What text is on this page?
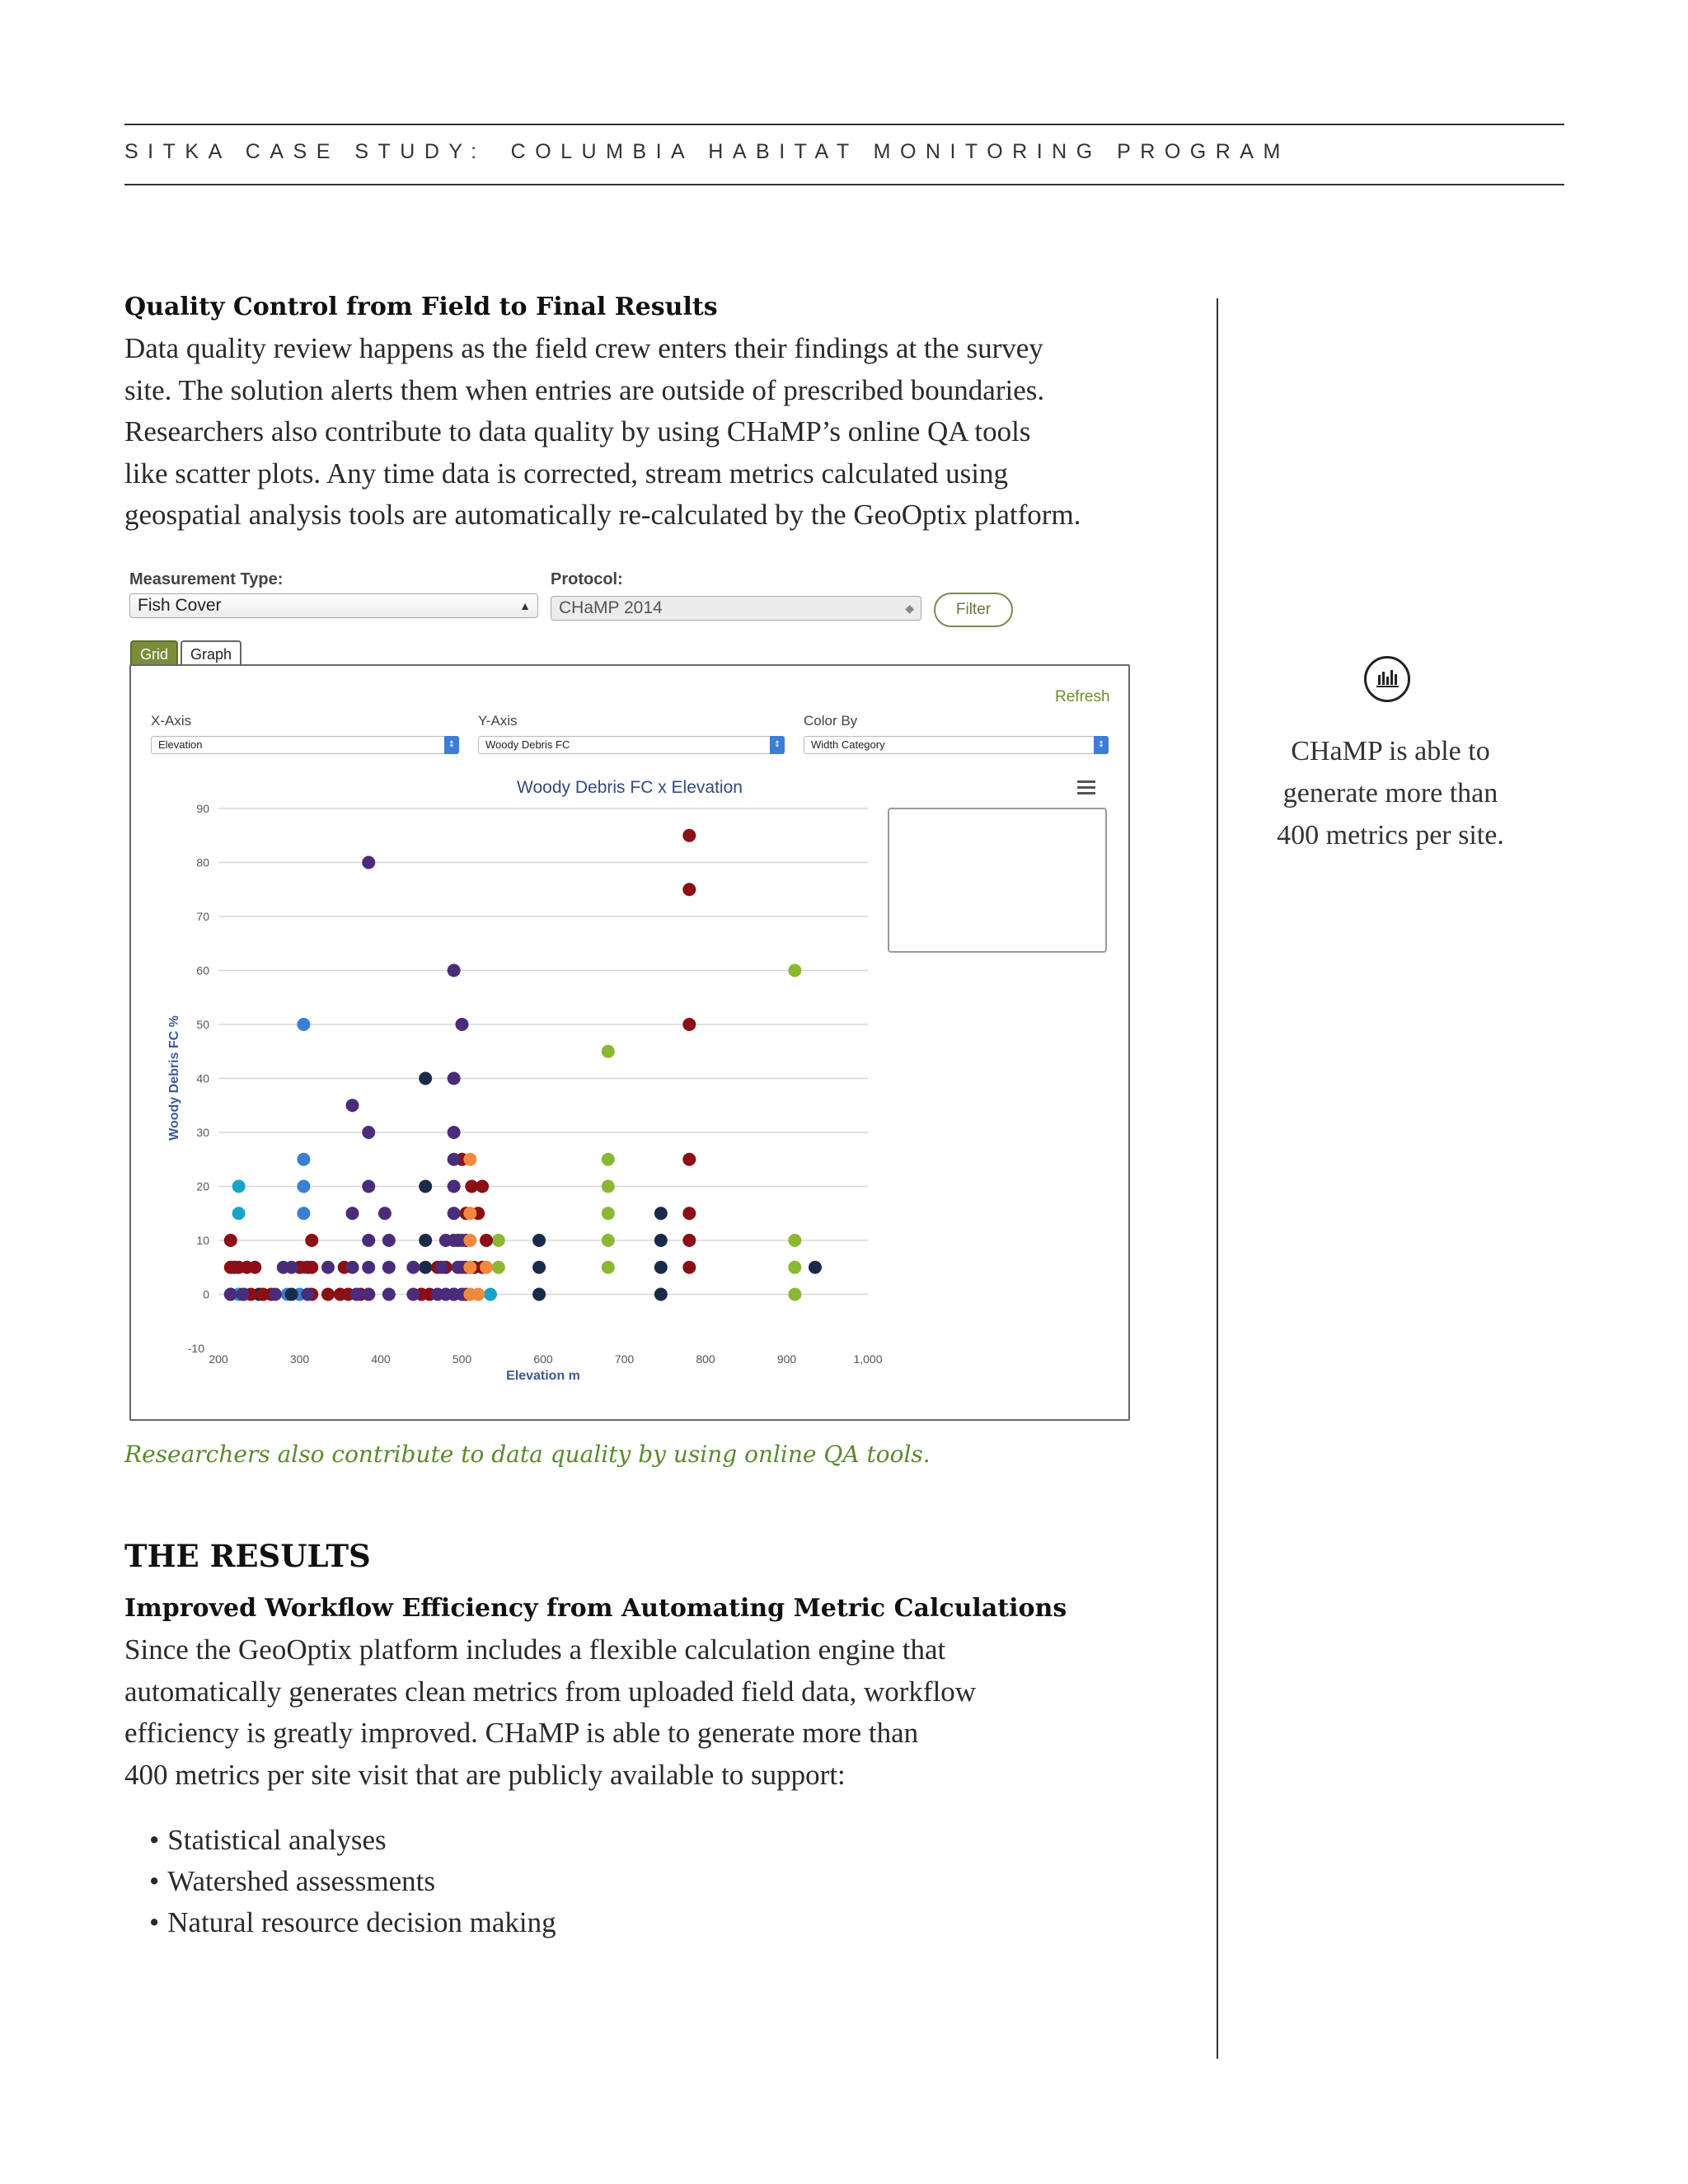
SITKA CASE STUDY: COLUMBIA HABITAT MONITORING PROGRAM
Quality Control from Field to Final Results
Data quality review happens as the field crew enters their findings at the survey
site. The solution alerts them when entries are outside of prescribed boundaries.
Researchers also contribute to data quality by using CHaMP’s online QA tools
like scatter plots. Any time data is corrected, stream metrics calculated using
geospatial analysis tools are automatically re-calculated by the GeoOptix platform.
CHaMP is able to
generate more than
400 metrics per site.
Measurement Type:
Fish Cover	▲

Protocol:
CHaMP 2014	◆	Filter
Grid	Graph
Refresh
X-Axis
Elevation	⇕
Y-Axis
Woody Debris FC	⇕
Color By
Width Category	⇕
-10
0
10
20
30
40
50
60
70
80
90
200	300	400	500	600	700	800	900	1,000
Woody Debris FC x Elevation
Elevation m
Woody Debris FC %
Researchers also contribute to data quality by using online QA tools.
THE RESULTS
Improved Workflow Efficiency from Automating Metric Calculations
Since the GeoOptix platform includes a flexible calculation engine that
automatically generates clean metrics from uploaded field data, workflow
efficiency is greatly improved. CHaMP is able to generate more than
400 metrics per site visit that are publicly available to support:
• Statistical analyses
• Watershed assessments
• Natural resource decision making
